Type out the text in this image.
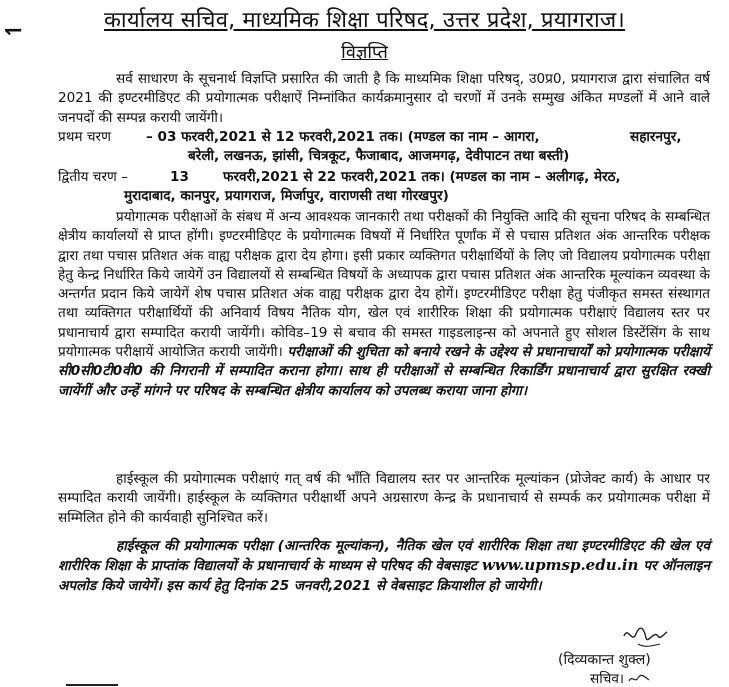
↽	कार्यालय सचिव, माध्यमिक शिक्षा परिषद, उत्तर प्रदेश, प्रयागराज।
विज्ञप्ति
सर्व साधारण के सूचनार्थ विज्ञप्ति प्रसारित की जाती है कि माध्यमिक शिक्षा परिषद्, उ0प्र0, प्रयागराज द्वारा संचालित वर्ष 2021 की इण्टरमीडिएट की प्रयोगात्मक परीक्षाऐं निम्नांकित कार्यक्रमानुसार दो चरणों में उनके सम्मुख अंकित मण्डलों में आने वाले जनपदों की सम्पन्न करायी जायेंगी।
प्रथम चरण	– 03 फरवरी,2021 से 12 फरवरी,2021 तक। (मण्डल का नाम – आगरा,	सहारनपुर,
बरेली, लखनऊ, झांसी, चित्रकूट, फैजाबाद, आजमगढ़, देवीपाटन तथा बस्ती)
द्वितीय चरण –	13	फरवरी,2021 से 22 फरवरी,2021 तक। (मण्डल का नाम – अलीगढ़, मेरठ,
मुरादाबाद, कानपुर, प्रयागराज, मिर्जापुर, वाराणसी तथा गोरखपुर)
प्रयोगात्मक परीक्षाओं के संबध में अन्य आवश्यक जानकारी तथा परीक्षकों की नियुक्ति आदि की सूचना परिषद के सम्बन्धित क्षेत्रीय कार्यालयों से प्राप्त होंगी। इण्टरमीडिएट के प्रयोगात्मक विषयों में निर्धारित पूर्णांक में से पचास प्रतिशत अंक आन्तरिक परीक्षक द्वारा तथा पचास प्रतिशत अंक वाह्य परीक्षक द्वारा देय होगा। इसी प्रकार व्यक्तिगत परीक्षार्थियों के लिए जो विद्यालय प्रयोगात्मक परीक्षा हेतु केन्द्र निर्धारित किये जायेगें उन विद्यालयों से सम्बन्धित विषयों के अध्यापक द्वारा पचास प्रतिशत अंक आन्तरिक मूल्यांकन व्यवस्था के अन्तर्गत प्रदान किये जायेगें शेष पचास प्रतिशत अंक वाह्य परीक्षक द्वारा देय होगें। इण्टरमीडिएट परीक्षा हेतु पंजीकृत समस्त संस्थागत तथा व्यक्तिगत परीक्षार्थियों की अनिवार्य विषय नैतिक योग, खेल एवं शारीरिक शिक्षा की प्रयोगात्मक परीक्षाएं विद्यालय स्तर पर प्रधानाचार्य द्वारा सम्पादित करायी जायेंगी। कोविड–19 से बचाव की समस्त गाइडलाइन्स को अपनाते हुए सोशल डिस्टेंसिंग के साथ प्रयोगात्मक परीक्षायें आयोजित करायी जायेंगी। परीक्षाओं की शुचिता को बनाये रखने के उद्देश्य से प्रधानाचार्यों को प्रयोगात्मक परीक्षायें सी0सी0टी0वी0 की निगरानी में सम्पादित कराना होगा। साथ ही परीक्षाओं से सम्बन्धित रिकार्डिंग प्रधानाचार्य द्वारा सुरक्षित रक्खी जायेंगीं और उन्हें मांगने पर परिषद के सम्बन्धित क्षेत्रीय कार्यालय को उपलब्ध कराया जाना होगा।
हाईस्कूल की प्रयोगात्मक परीक्षाएं गत् वर्ष की भाँति विद्यालय स्तर पर आन्तरिक मूल्यांकन (प्रोजेक्ट कार्य) के आधार पर सम्पादित करायी जायेंगी। हाईस्कूल के व्यक्तिगत परीक्षार्थी अपने अग्रसारण केन्द्र के प्रधानाचार्य से सम्पर्क कर प्रयोगात्मक परीक्षा में सम्मिलित होने की कार्यवाही सुनिश्चित करें।
हाईस्कूल की प्रयोगात्मक परीक्षा (आन्तरिक मूल्यांकन), नैतिक खेल एवं शारीरिक शिक्षा तथा इण्टरमीडिएट की खेल एवं शारीरिक शिक्षा के प्राप्तांक विद्यालयों के प्रधानाचार्य के माध्यम से परिषद की वेबसाइट www.upmsp.edu.in पर ऑनलाइन अपलोड किये जायेगें। इस कार्य हेतु दिनांक 25 जनवरी,2021 से वेबसाइट क्रियाशील हो जायेगी।
(दिव्यकान्त शुक्ल)
सचिव।
